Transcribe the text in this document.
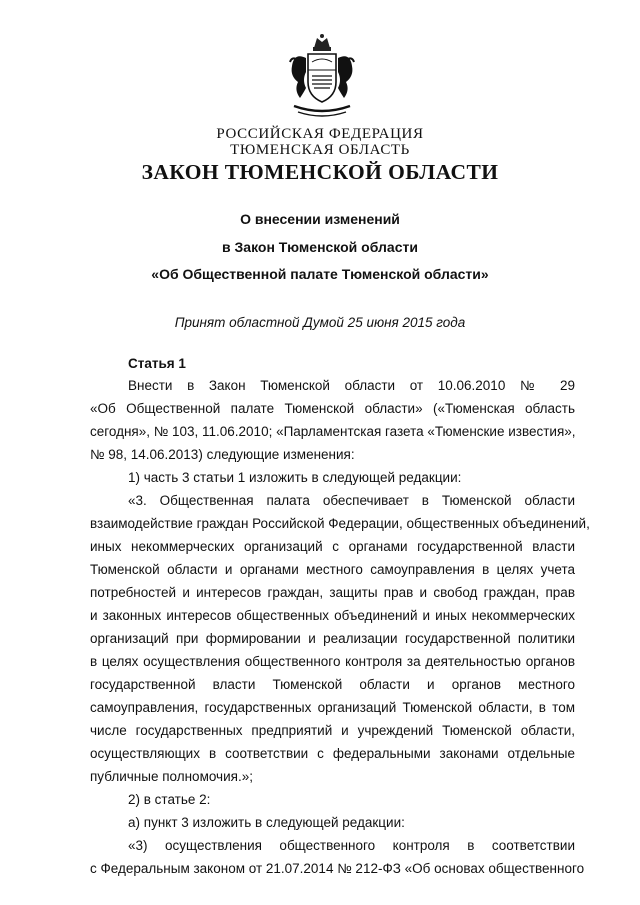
РОССИЙСКАЯ ФЕДЕРАЦИЯ
ТЮМЕНСКАЯ ОБЛАСТЬ
ЗАКОН ТЮМЕНСКОЙ ОБЛАСТИ
О внесении изменений
в Закон Тюменской области
«Об Общественной палате Тюменской области»
Принят областной Думой 25 июня 2015 года
Статья 1
Внести в Закон Тюменской области от 10.06.2010 № 29
«Об Общественной палате Тюменской области» («Тюменская область
сегодня», № 103, 11.06.2010; «Парламентская газета «Тюменские известия»,
№ 98, 14.06.2013) следующие изменения:
1) часть 3 статьи 1 изложить в следующей редакции:
«3. Общественная палата обеспечивает в Тюменской области
взаимодействие граждан Российской Федерации, общественных объединений,
иных некоммерческих организаций с органами государственной власти
Тюменской области и органами местного самоуправления в целях учета
потребностей и интересов граждан, защиты прав и свобод граждан, прав
и законных интересов общественных объединений и иных некоммерческих
организаций при формировании и реализации государственной политики
в целях осуществления общественного контроля за деятельностью органов
государственной власти Тюменской области и органов местного
самоуправления, государственных организаций Тюменской области, в том
числе государственных предприятий и учреждений Тюменской области,
осуществляющих в соответствии с федеральными законами отдельные
публичные полномочия.»;
2) в статье 2:
а) пункт 3 изложить в следующей редакции:
«3) осуществления общественного контроля в соответствии
с Федеральным законом от 21.07.2014 № 212-ФЗ «Об основах общественного
